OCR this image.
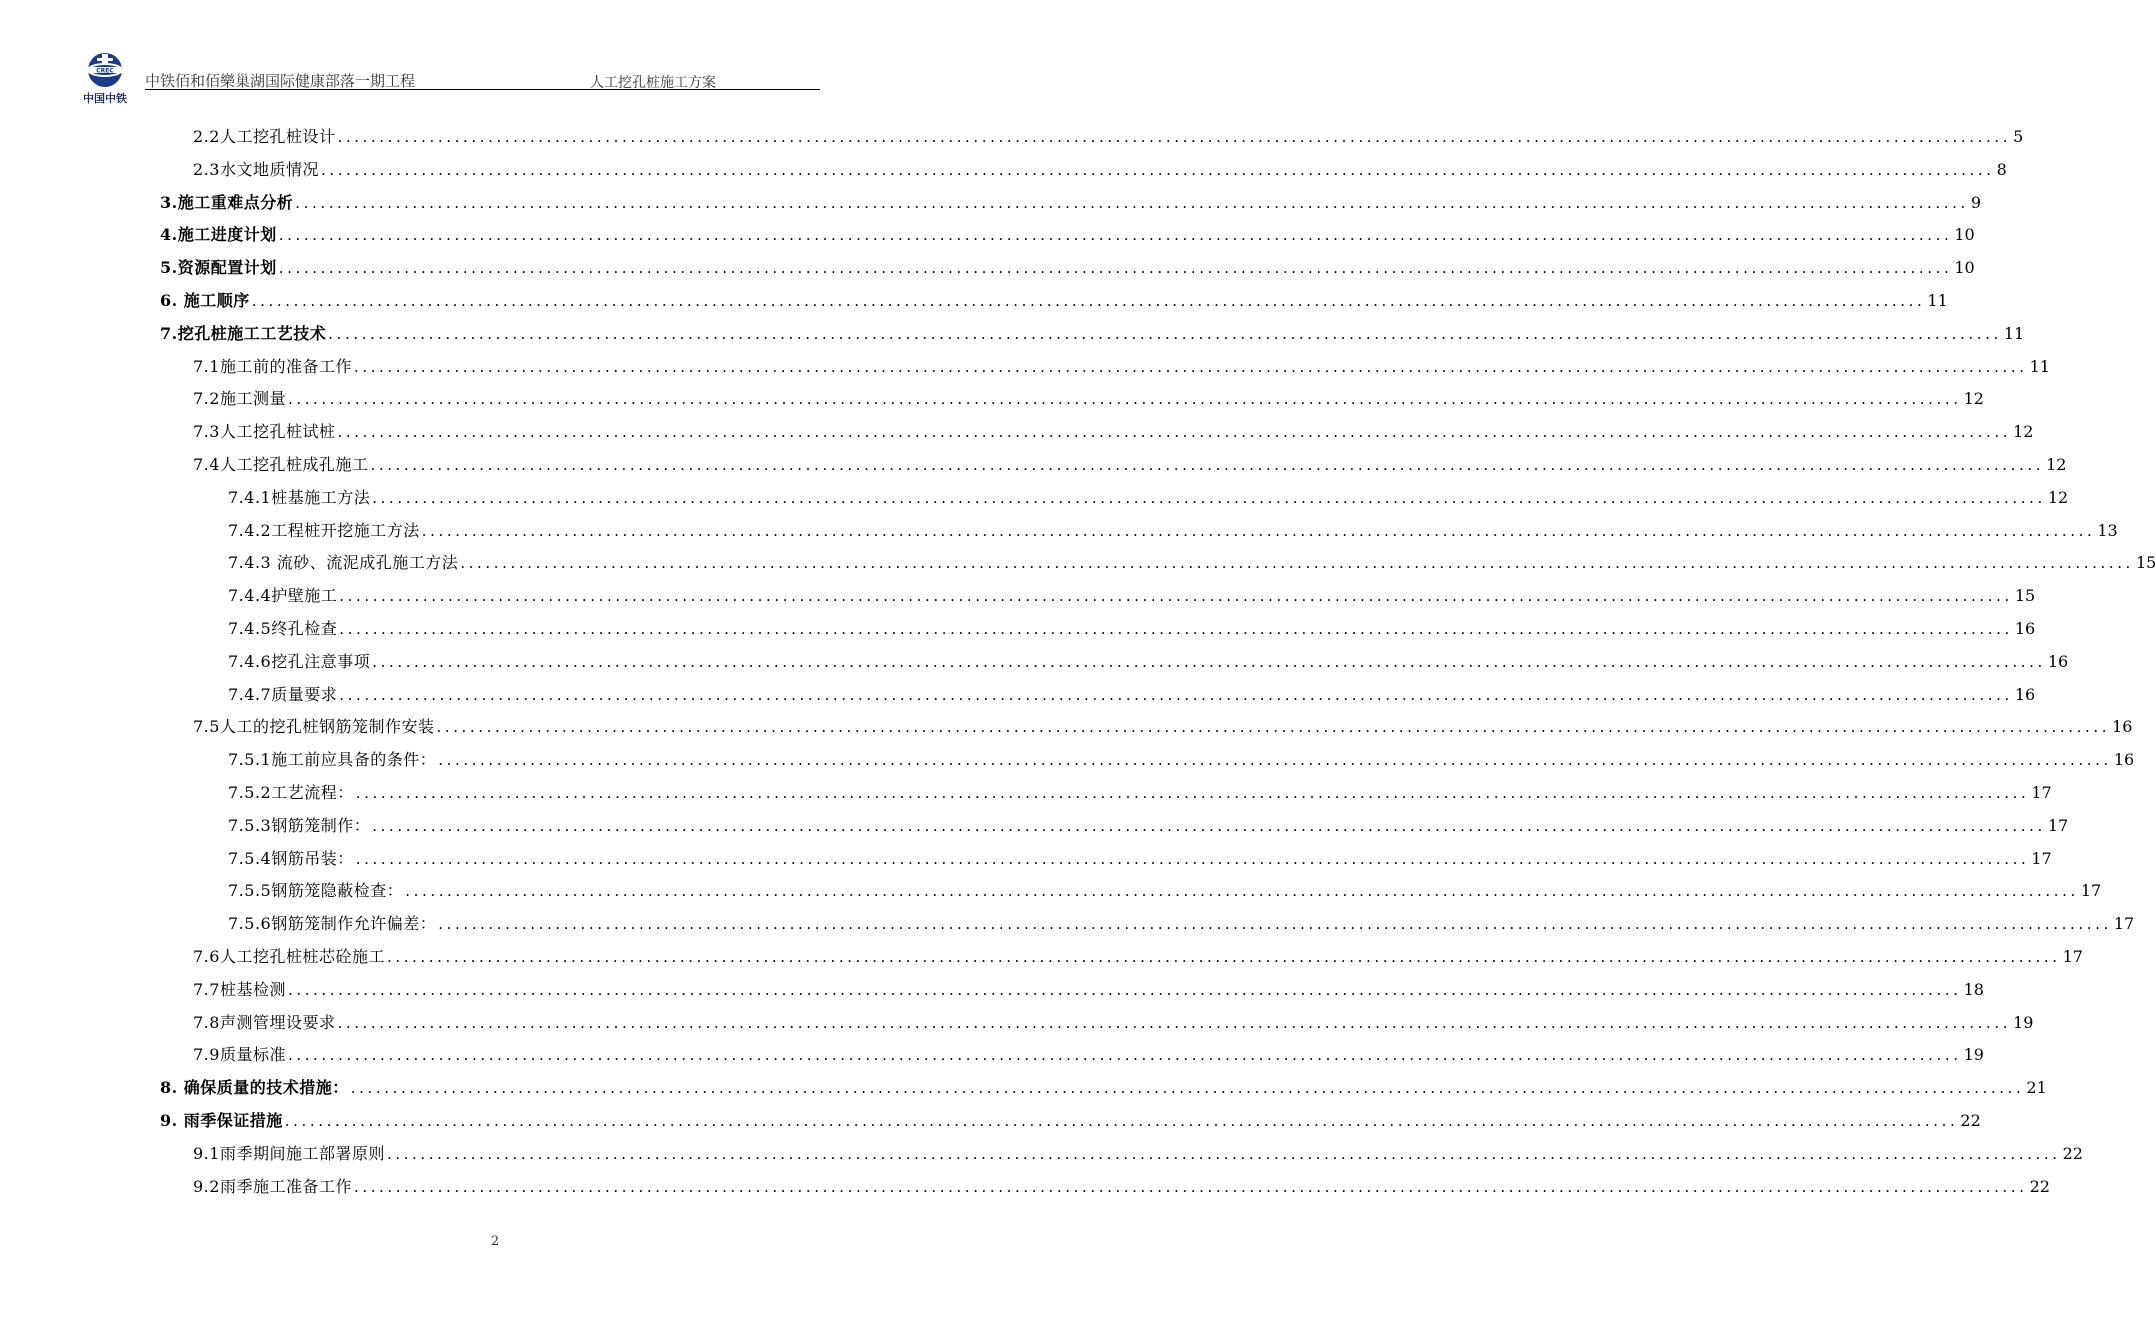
CREC
中国中铁
中铁佰和佰樂巢湖国际健康部落一期工程	人工挖孔桩施工方案
2.2人工挖孔桩设计 ........................................................................................................................................................................................................ 5
2.3水文地质情况 ........................................................................................................................................................................................................ 8
3.施工重难点分析 ........................................................................................................................................................................................................ 9
4.施工进度计划 ........................................................................................................................................................................................................ 10
5.资源配置计划 ........................................................................................................................................................................................................ 10
6. 施工顺序 ........................................................................................................................................................................................................ 11
7.挖孔桩施工工艺技术 ........................................................................................................................................................................................................ 11
7.1施工前的准备工作 ........................................................................................................................................................................................................ 11
7.2施工测量 ........................................................................................................................................................................................................ 12
7.3人工挖孔桩试桩 ........................................................................................................................................................................................................ 12
7.4人工挖孔桩成孔施工 ........................................................................................................................................................................................................ 12
7.4.1桩基施工方法 ........................................................................................................................................................................................................ 12
7.4.2工程桩开挖施工方法 ........................................................................................................................................................................................................ 13
7.4.3 流砂、流泥成孔施工方法 ........................................................................................................................................................................................................ 15
7.4.4护壁施工 ........................................................................................................................................................................................................ 15
7.4.5终孔检查 ........................................................................................................................................................................................................ 16
7.4.6挖孔注意事项 ........................................................................................................................................................................................................ 16
7.4.7质量要求 ........................................................................................................................................................................................................ 16
7.5人工的挖孔桩钢筋笼制作安装 ........................................................................................................................................................................................................ 16
7.5.1施工前应具备的条件： ........................................................................................................................................................................................................ 16
7.5.2工艺流程： ........................................................................................................................................................................................................ 17
7.5.3钢筋笼制作： ........................................................................................................................................................................................................ 17
7.5.4钢筋吊装： ........................................................................................................................................................................................................ 17
7.5.5钢筋笼隐蔽检查： ........................................................................................................................................................................................................ 17
7.5.6钢筋笼制作允许偏差： ........................................................................................................................................................................................................ 17
7.6人工挖孔桩桩芯砼施工 ........................................................................................................................................................................................................ 17
7.7桩基检测 ........................................................................................................................................................................................................ 18
7.8声测管埋设要求 ........................................................................................................................................................................................................ 19
7.9质量标准 ........................................................................................................................................................................................................ 19
8. 确保质量的技术措施： ........................................................................................................................................................................................................ 21
9. 雨季保证措施 ........................................................................................................................................................................................................ 22
9.1雨季期间施工部署原则 ........................................................................................................................................................................................................ 22
9.2雨季施工准备工作 ........................................................................................................................................................................................................ 22
2
